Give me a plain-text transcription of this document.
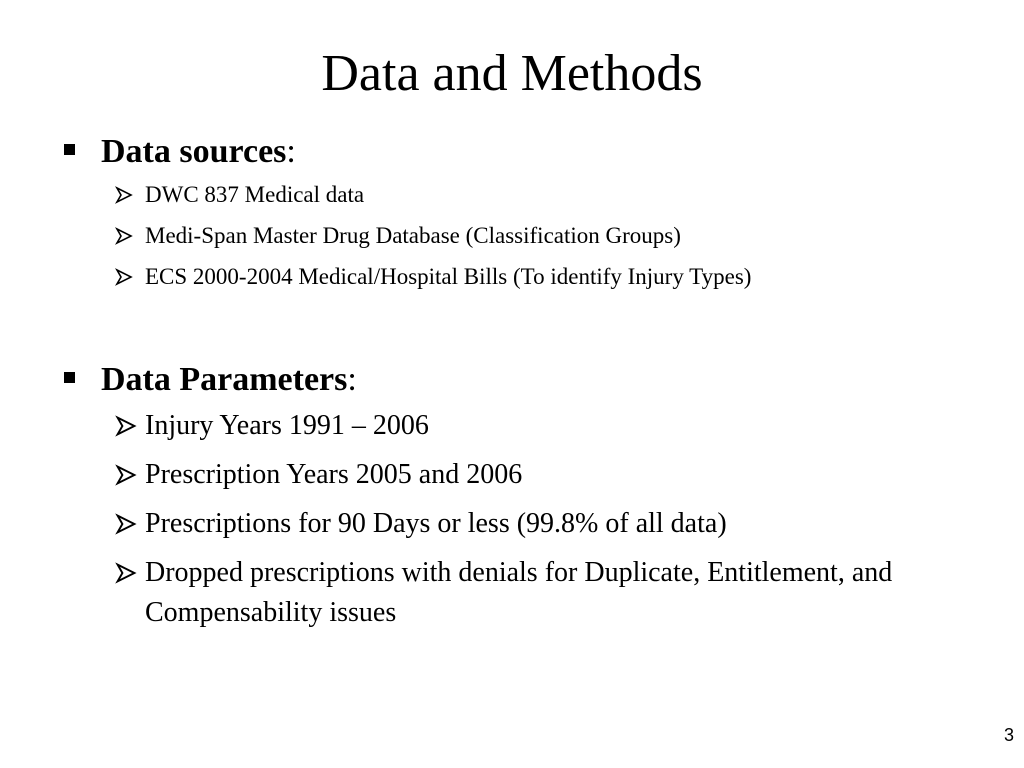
Data and Methods
Data sources:
DWC 837 Medical data
Medi-Span Master Drug Database (Classification Groups)
ECS 2000-2004 Medical/Hospital Bills (To identify Injury Types)
Data Parameters:
Injury Years 1991 – 2006
Prescription Years 2005 and 2006
Prescriptions for 90 Days or less (99.8% of all data)
Dropped prescriptions with denials for Duplicate, Entitlement, and Compensability issues
3
